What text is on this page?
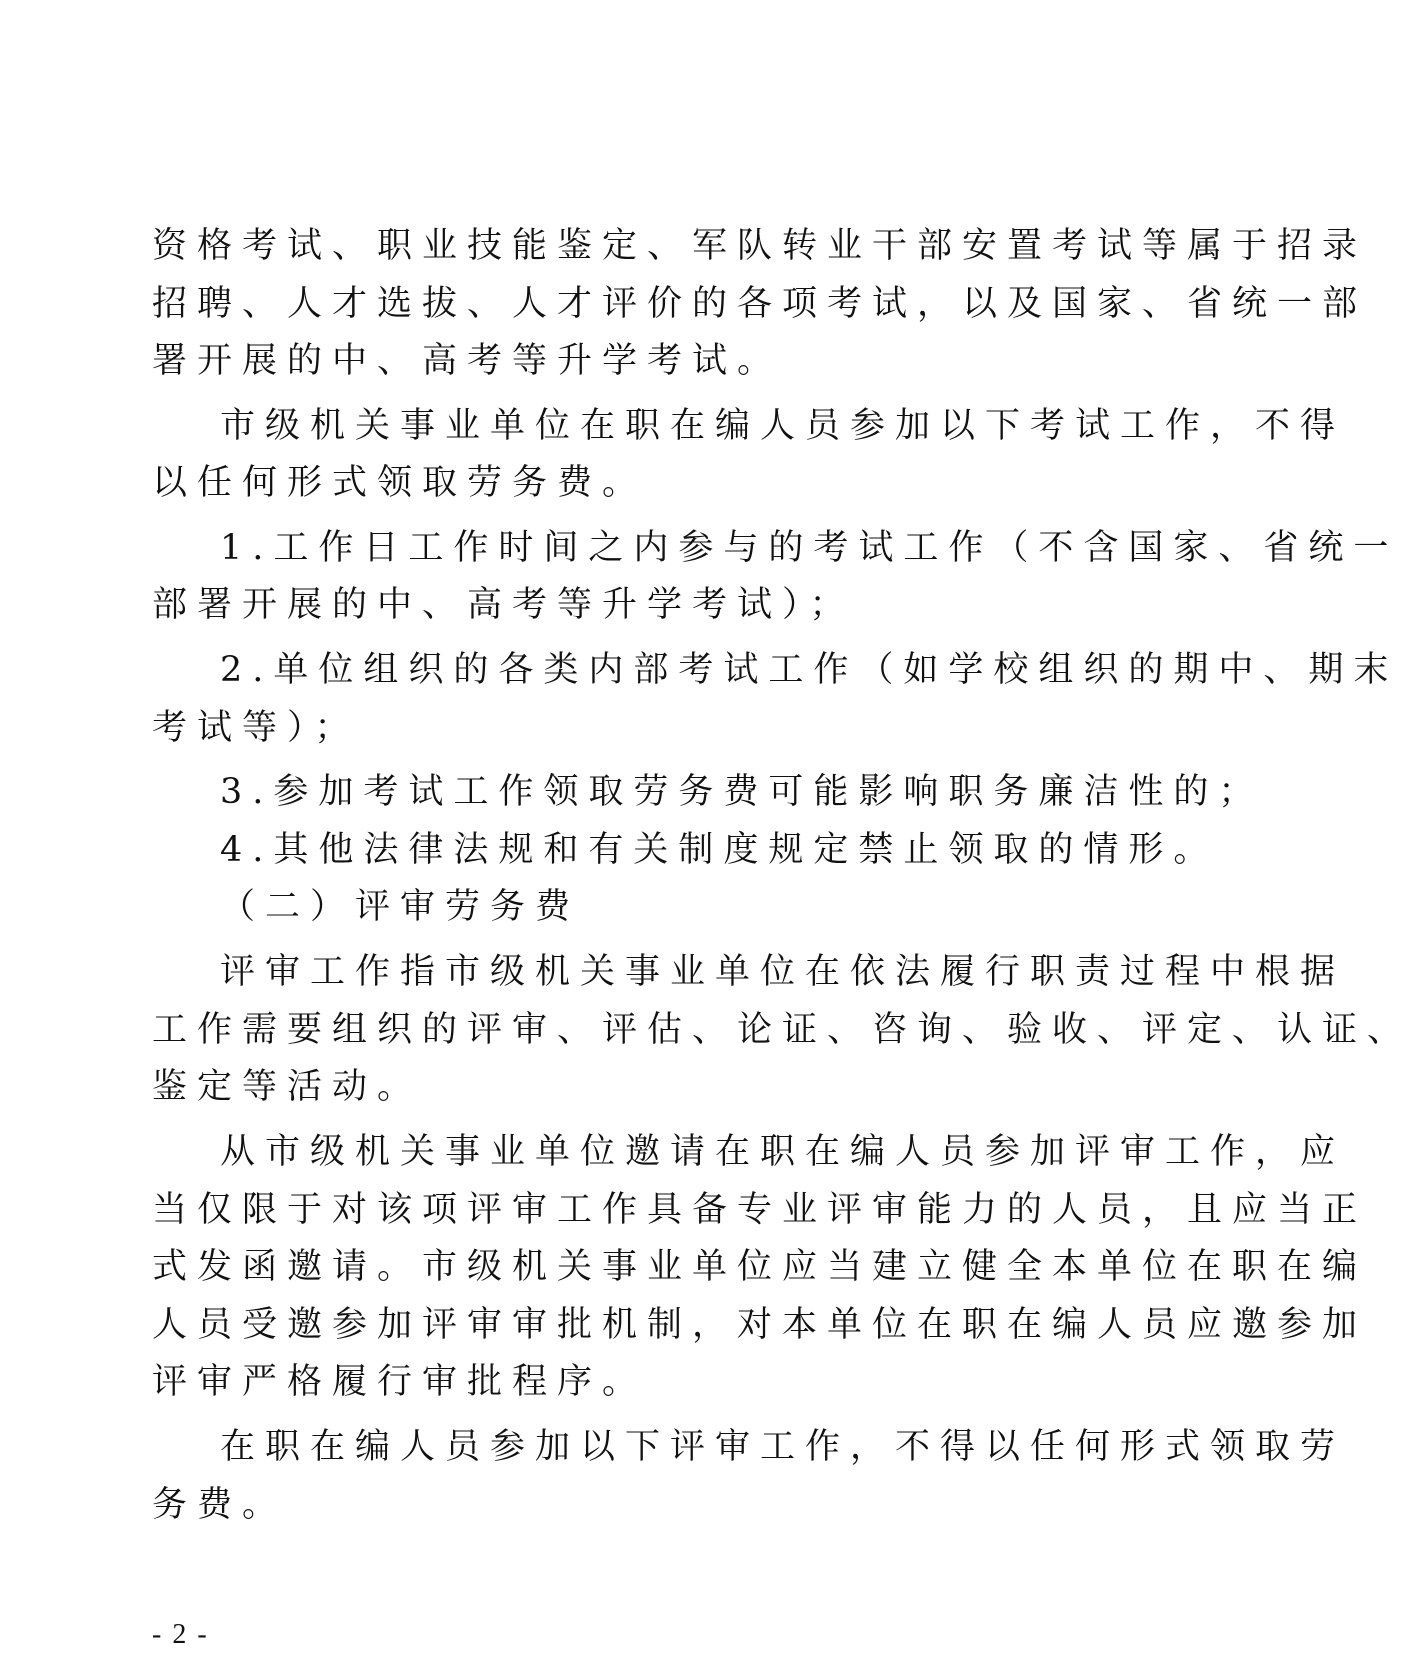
资格考试、职业技能鉴定、军队转业干部安置考试等属于招录
招聘、人才选拔、人才评价的各项考试，以及国家、省统一部
署开展的中、高考等升学考试。
市级机关事业单位在职在编人员参加以下考试工作，不得
以任何形式领取劳务费。
1.工作日工作时间之内参与的考试工作（不含国家、省统一
部署开展的中、高考等升学考试）；
2.单位组织的各类内部考试工作（如学校组织的期中、期末
考试等）；
3.参加考试工作领取劳务费可能影响职务廉洁性的；
4.其他法律法规和有关制度规定禁止领取的情形。
（二）评审劳务费
评审工作指市级机关事业单位在依法履行职责过程中根据
工作需要组织的评审、评估、论证、咨询、验收、评定、认证、
鉴定等活动。
从市级机关事业单位邀请在职在编人员参加评审工作，应
当仅限于对该项评审工作具备专业评审能力的人员，且应当正
式发函邀请。市级机关事业单位应当建立健全本单位在职在编
人员受邀参加评审审批机制，对本单位在职在编人员应邀参加
评审严格履行审批程序。
在职在编人员参加以下评审工作，不得以任何形式领取劳
务费。
- 2 -
